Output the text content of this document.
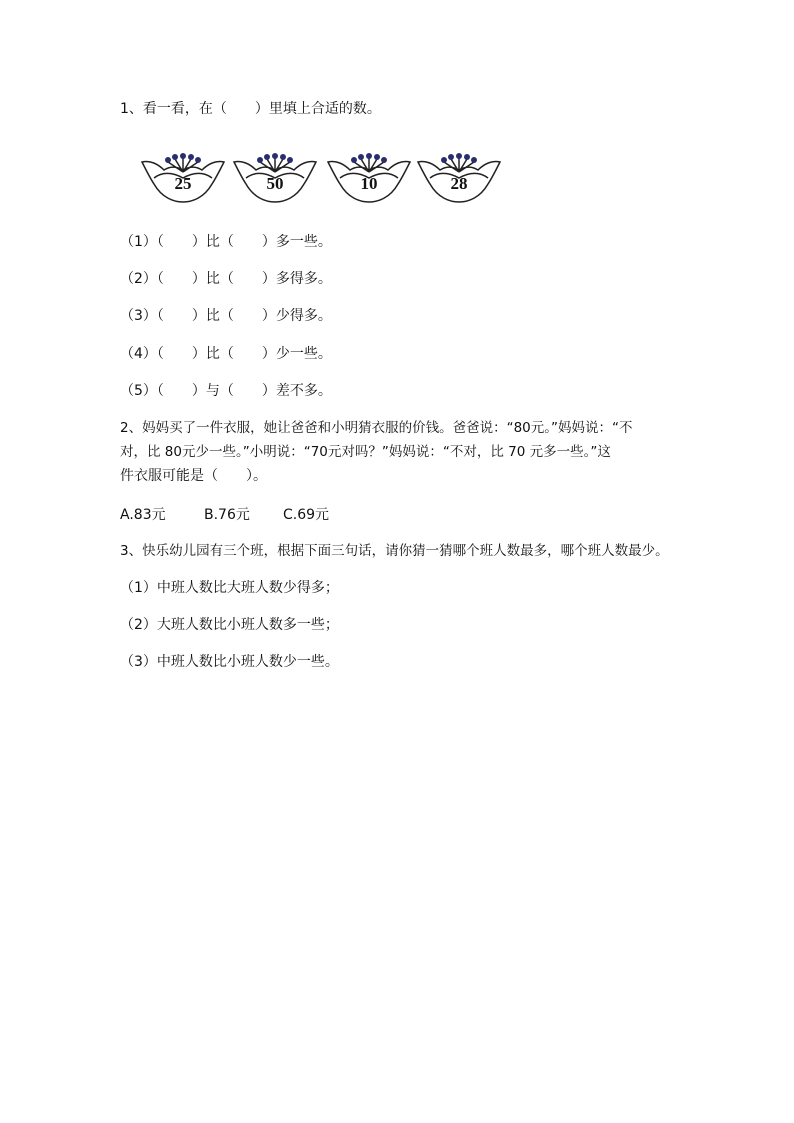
1、看一看，在（　　）里填上合适的数。

25	50	10	28

（1）（　　）比（　　）多一些。

（2）（　　）比（　　）多得多。

（3）（　　）比（　　）少得多。

（4）（　　）比（　　）少一些。

（5）（　　）与（　　）差不多。

2、妈妈买了一件衣服，她让爸爸和小明猜衣服的价钱。爸爸说：“80元。”妈妈说：“不

对，比 80元少一些。”小明说：“70元对吗？”妈妈说：“不对，比 70 元多一些。”这

件衣服可能是（　　）。

A.83元

	B.76元

C.69元

3、快乐幼儿园有三个班，根据下面三句话，请你猜一猜哪个班人数最多，哪个班人数最少。

（1）中班人数比大班人数少得多；

（2）大班人数比小班人数多一些；

（3）中班人数比小班人数少一些。
